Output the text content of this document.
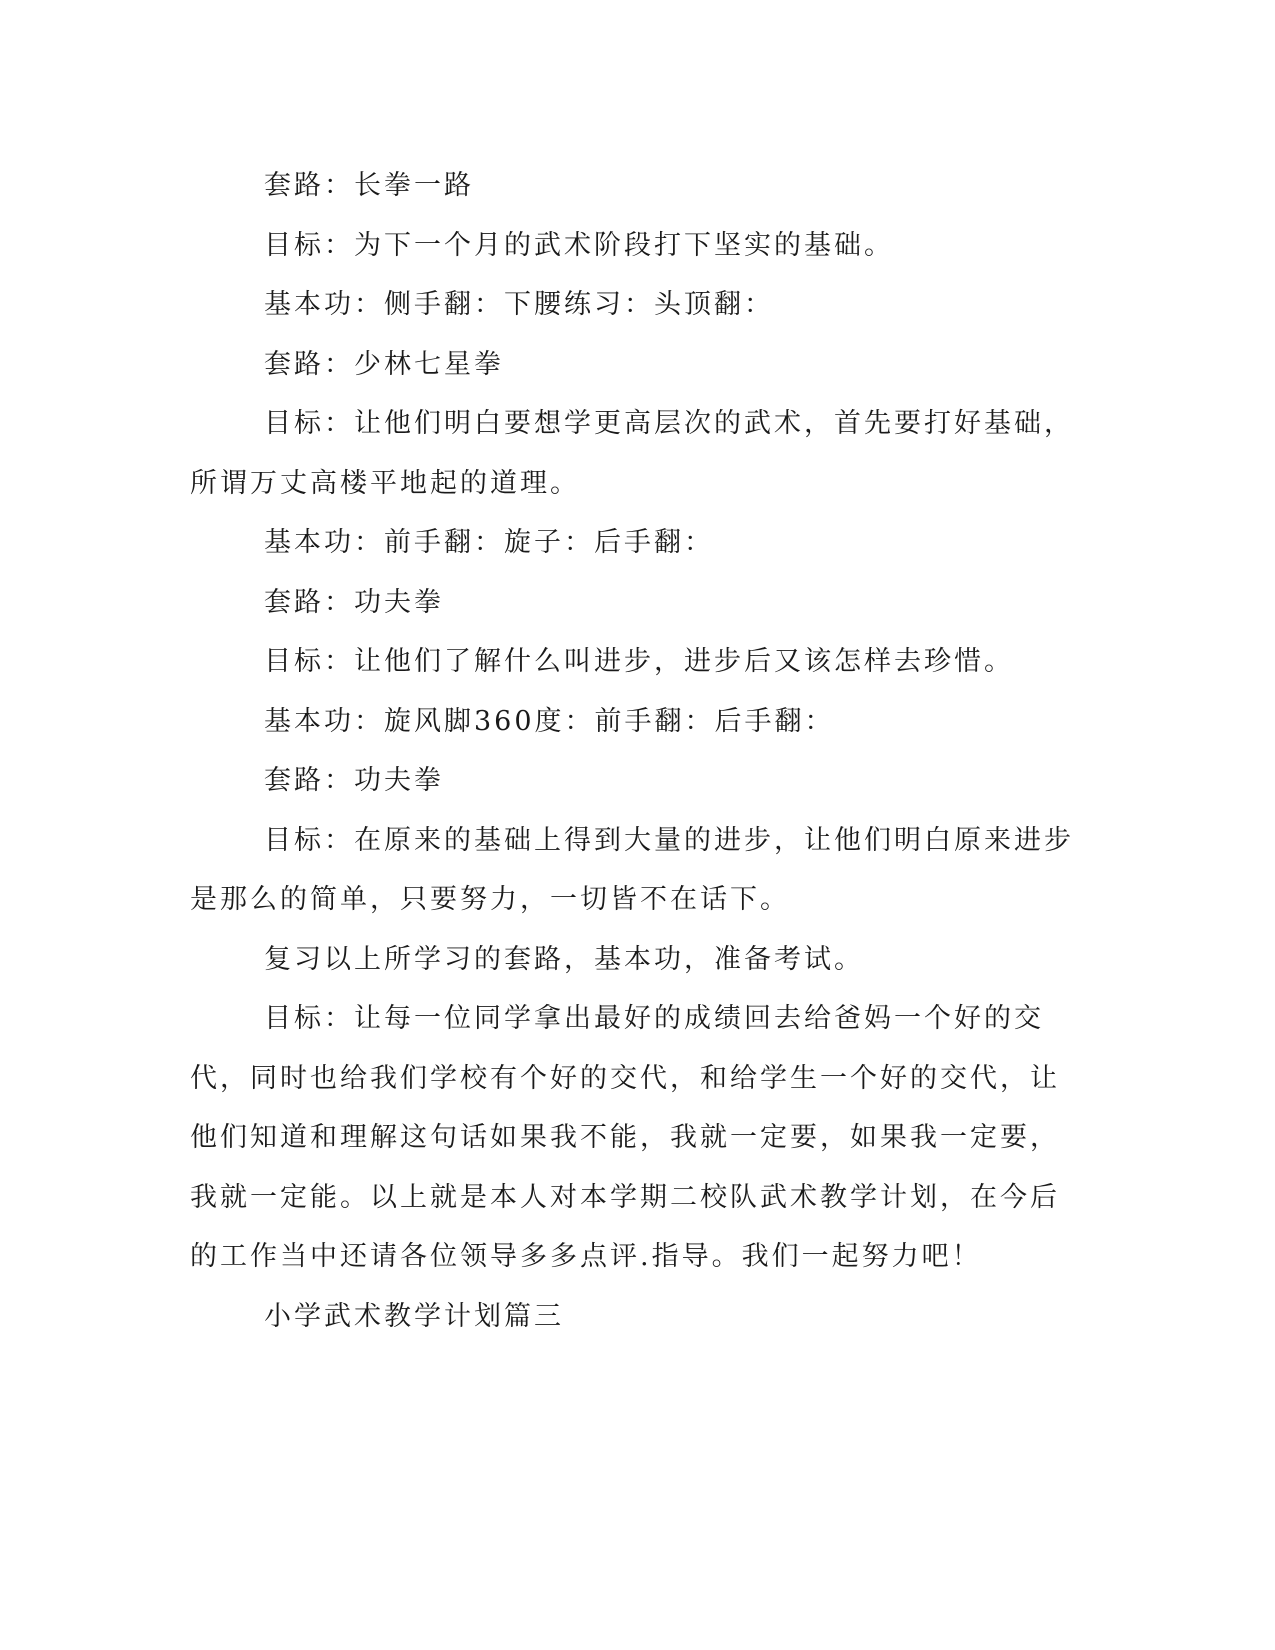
套路：长拳一路

目标：为下一个月的武术阶段打下坚实的基础。

基本功：侧手翻：下腰练习：头顶翻：

套路：少林七星拳

目标：让他们明白要想学更高层次的武术，首先要打好基础，所谓万丈高楼平地起的道理。

基本功：前手翻：旋子：后手翻：

套路：功夫拳

目标：让他们了解什么叫进步，进步后又该怎样去珍惜。

基本功：旋风脚360度：前手翻：后手翻：

套路：功夫拳

目标：在原来的基础上得到大量的进步，让他们明白原来进步是那么的简单，只要努力，一切皆不在话下。

复习以上所学习的套路，基本功，准备考试。

目标：让每一位同学拿出最好的成绩回去给爸妈一个好的交代，同时也给我们学校有个好的交代，和给学生一个好的交代，让他们知道和理解这句话如果我不能，我就一定要，如果我一定要，我就一定能。以上就是本人对本学期二校队武术教学计划，在今后的工作当中还请各位领导多多点评.指导。我们一起努力吧！

小学武术教学计划篇三
